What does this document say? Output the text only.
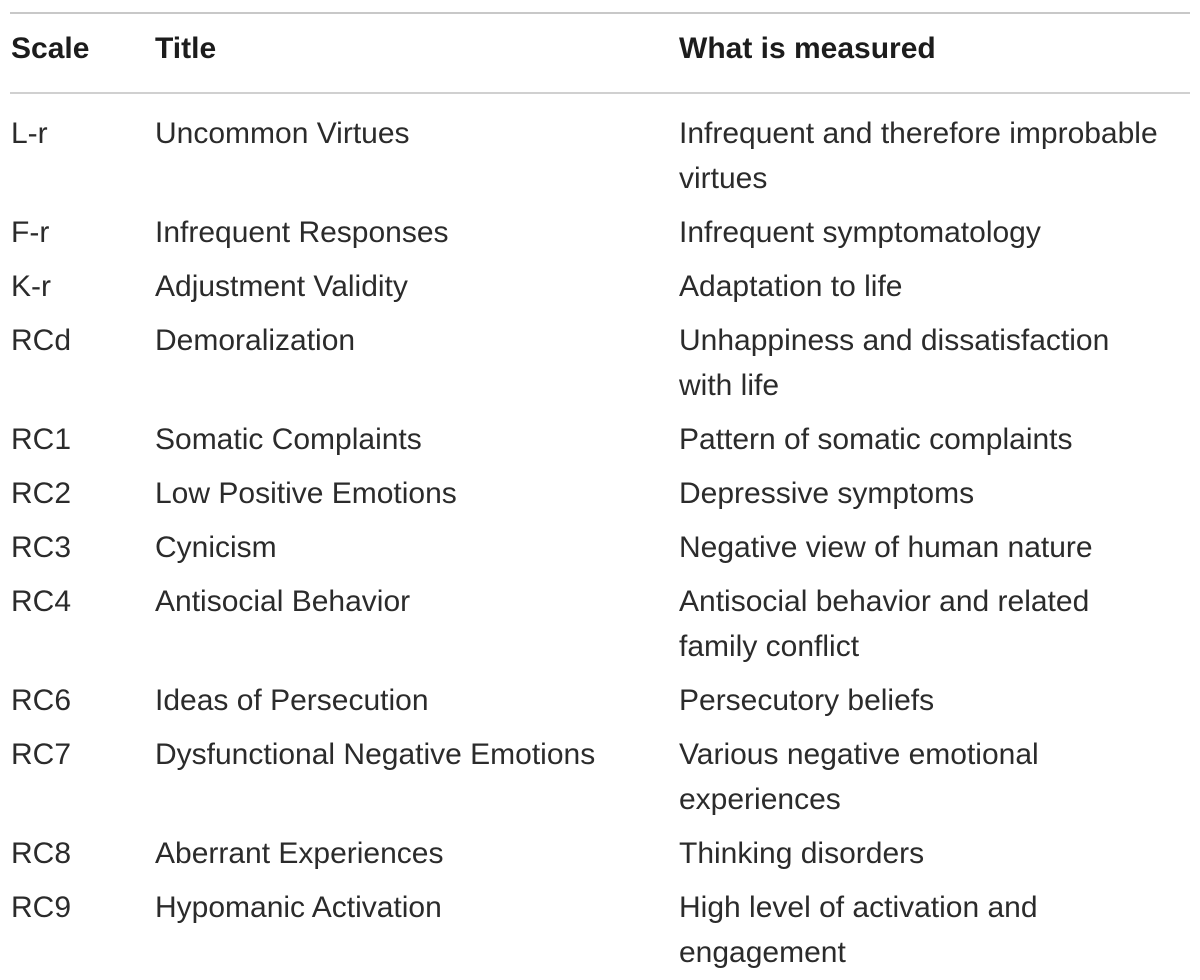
Scale Title	What is measured
L-r	Uncommon Virtues	Infrequent and therefore improbable
virtues
F-r	Infrequent Responses	Infrequent symptomatology
K-r	Adjustment Validity	Adaptation to life
RCd	Demoralization	Unhappiness and dissatisfaction
with life
RC1	Somatic Complaints	Pattern of somatic complaints
RC2	Low Positive Emotions	Depressive symptoms
RC3	Cynicism	Negative view of human nature
RC4	Antisocial Behavior	Antisocial behavior and related
family conflict
RC6	Ideas of Persecution	Persecutory beliefs
RC7	Dysfunctional Negative Emotions	Various negative emotional
experiences
RC8	Aberrant Experiences	Thinking disorders
RC9	Hypomanic Activation	High level of activation and
engagement
